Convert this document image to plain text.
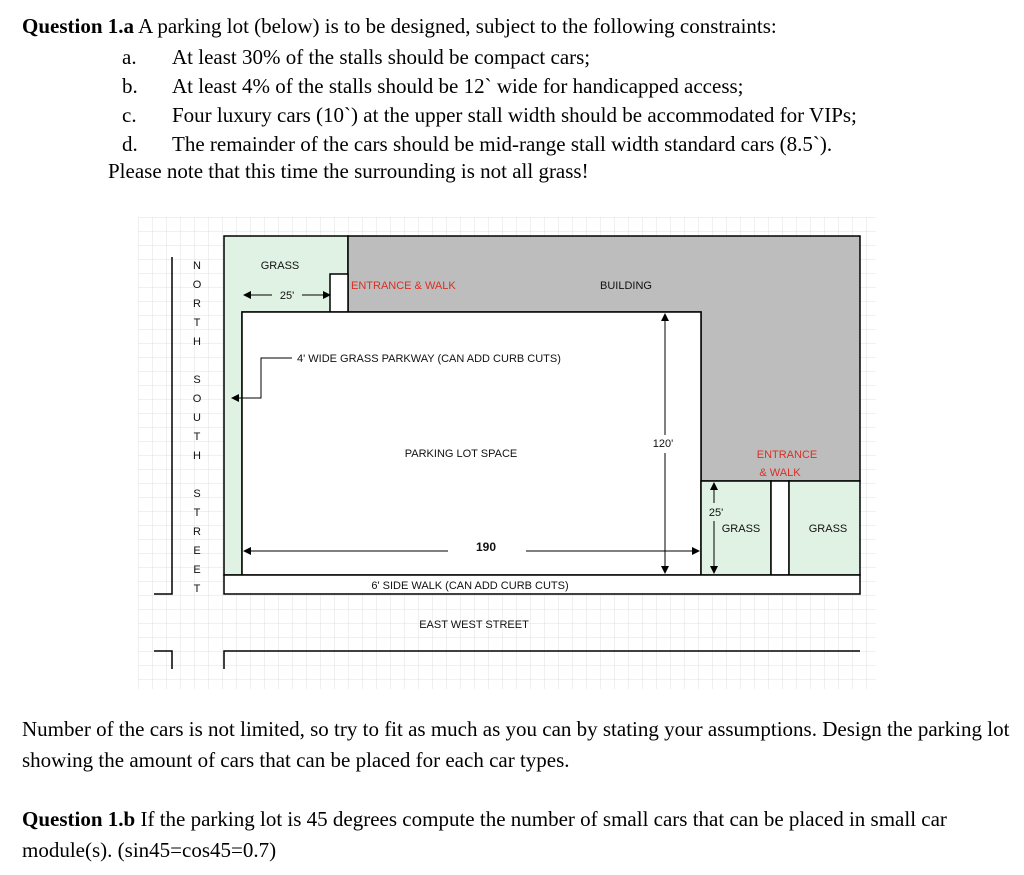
Question 1.a A parking lot (below) is to be designed, subject to the following constraints:
a. At least 30% of the stalls should be compact cars;
b. At least 4% of the stalls should be 12` wide for handicapped access;
c. Four luxury cars (10`) at the upper stall width should be accommodated for VIPs;
d. The remainder of the cars should be mid-range stall width standard cars (8.5`).
Please note that this time the surrounding is not all grass!
N
O
R
T
H
S
O
U
T
H
S
T
R
E
E
T
GRASS
25'
ENTRANCE & WALK	BUILDING
4' WIDE GRASS PARKWAY (CAN ADD CURB CUTS)
PARKING LOT SPACE
120'
ENTRANCE
& WALK
25'
GRASS	GRASS
190
6' SIDE WALK (CAN ADD CURB CUTS)
EAST WEST STREET
Number of the cars is not limited, so try to fit as much as you can by stating your assumptions. Design the parking lot showing the amount of cars that can be placed for each car types.
Question 1.b If the parking lot is 45 degrees compute the number of small cars that can be placed in small car module(s). (sin45=cos45=0.7)
